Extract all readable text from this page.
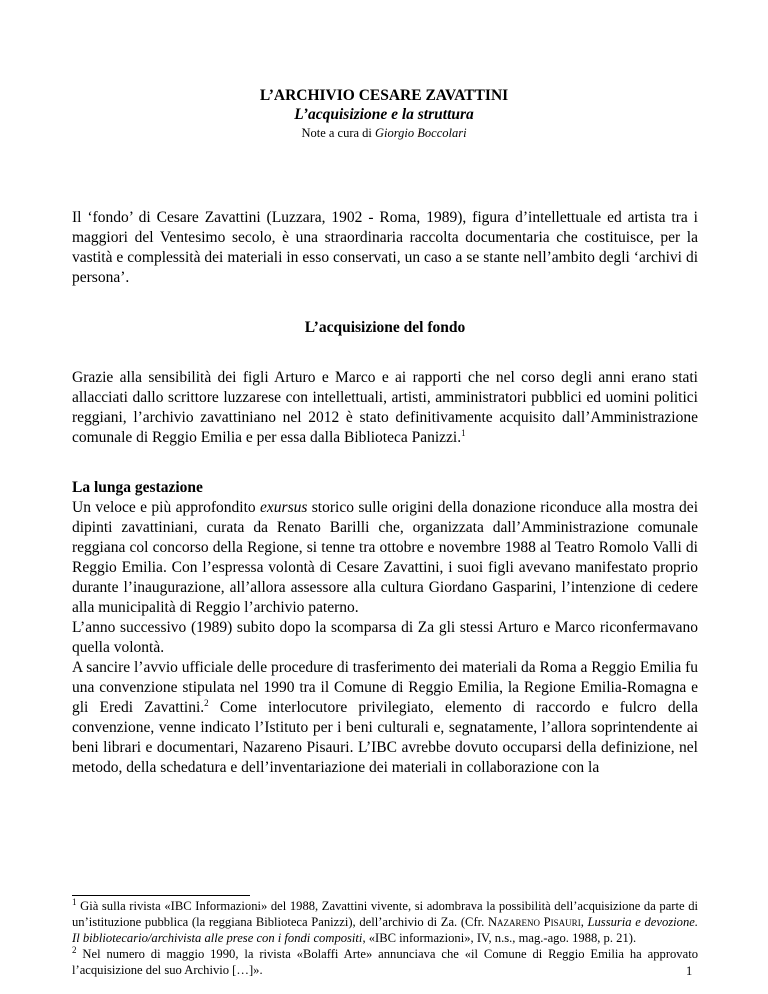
L’ARCHIVIO CESARE ZAVATTINI
L’acquisizione e la struttura
Note a cura di Giorgio Boccolari

Il ‘fondo’ di Cesare Zavattini (Luzzara, 1902 - Roma, 1989), figura d’intellettuale ed artista tra i maggiori del Ventesimo secolo, è una straordinaria raccolta documentaria che costituisce, per la vastità e complessità dei materiali in esso conservati, un caso a se stante nell’ambito degli ‘archivi di persona’.

L’acquisizione del fondo

Grazie alla sensibilità dei figli Arturo e Marco e ai rapporti che nel corso degli anni erano stati allacciati dallo scrittore luzzarese con intellettuali, artisti, amministratori pubblici ed uomini politici reggiani, l’archivio zavattiniano nel 2012 è stato definitivamente acquisito dall’Amministrazione comunale di Reggio Emilia e per essa dalla Biblioteca Panizzi.$^1$

La lunga gestazione

Un veloce e più approfondito exursus storico sulle origini della donazione riconduce alla mostra dei dipinti zavattiniani, curata da Renato Barilli che, organizzata dall’Amministrazione comunale reggiana col concorso della Regione, si tenne tra ottobre e novembre 1988 al Teatro Romolo Valli di Reggio Emilia. Con l’espressa volontà di Cesare Zavattini, i suoi figli avevano manifestato proprio durante l’inaugurazione, all’allora assessore alla cultura Giordano Gasparini, l’intenzione di cedere alla municipalità di Reggio l’archivio paterno.

L’anno successivo (1989) subito dopo la scomparsa di Za gli stessi Arturo e Marco riconfermavano quella volontà.

A sancire l’avvio ufficiale delle procedure di trasferimento dei materiali da Roma a Reggio Emilia fu una convenzione stipulata nel 1990 tra il Comune di Reggio Emilia, la Regione Emilia-Romagna e gli Eredi Zavattini.$^2$ Come interlocutore privilegiato, elemento di raccordo e fulcro della convenzione, venne indicato l’Istituto per i beni culturali e, segnatamente, l’allora soprintendente ai beni librari e documentari, Nazareno Pisauri. L’IBC avrebbe dovuto occuparsi della definizione, nel metodo, della schedatura e dell’inventariazione dei materiali in collaborazione con la

$^1$ Già sulla rivista «IBC Informazioni» del 1988, Zavattini vivente, si adombrava la possibilità dell’acquisizione da parte di un’istituzione pubblica (la reggiana Biblioteca Panizzi), dell’archivio di Za. (Cfr. Nazareno Pisauri, Lussuria e devozione. Il bibliotecario/archivista alle prese con i fondi compositi, «IBC informazioni», IV, n.s., mag.-ago. 1988, p. 21).

$^2$ Nel numero di maggio 1990, la rivista «Bolaffi Arte» annunciava che «il Comune di Reggio Emilia ha approvato l’acquisizione del suo Archivio […]».	1
